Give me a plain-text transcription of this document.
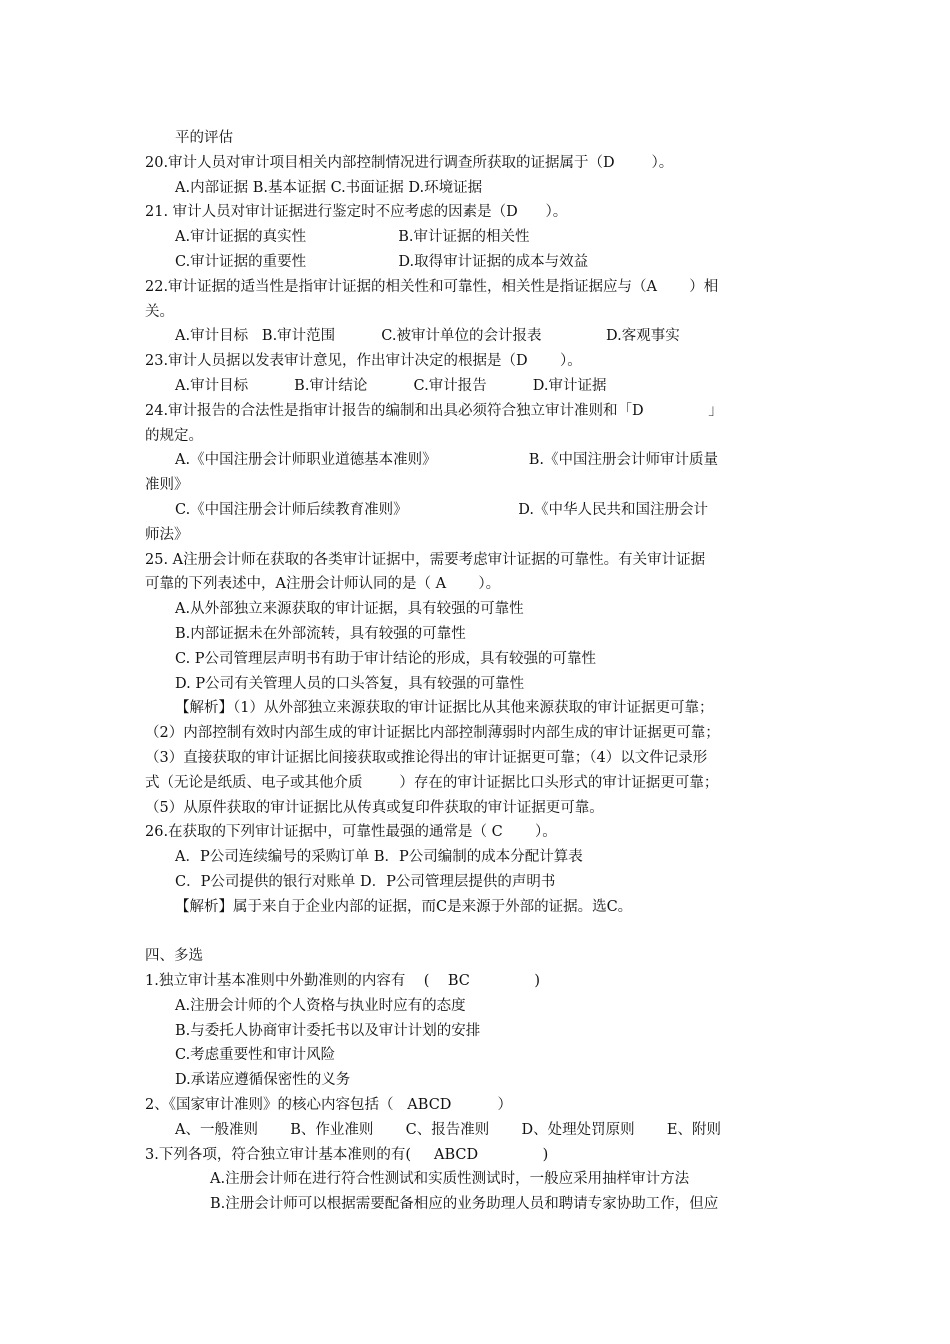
平的评估
20.审计人员对审计项目相关内部控制情况进行调查所获取的证据属于（D        ）。
A.内部证据 B.基本证据 C.书面证据 D.环境证据
21. 审计人员对审计证据进行鉴定时不应考虑的因素是（D      ）。
A.审计证据的真实性                    B.审计证据的相关性
C.审计证据的重要性                    D.取得审计证据的成本与效益
22.审计证据的适当性是指审计证据的相关性和可靠性，相关性是指证据应与（A       ）相
关。
A.审计目标   B.审计范围          C.被审计单位的会计报表              D.客观事实
23.审计人员据以发表审计意见，作出审计决定的根据是（D       ）。
A.审计目标          B.审计结论          C.审计报告          D.审计证据
24.审计报告的合法性是指审计报告的编制和出具必须符合独立审计准则和「D              」
的规定。
A.《中国注册会计师职业道德基本准则》                    B.《中国注册会计师审计质量
准则》
C.《中国注册会计师后续教育准则》                        D.《中华人民共和国注册会计
师法》
25. A注册会计师在获取的各类审计证据中，需要考虑审计证据的可靠性。有关审计证据
可靠的下列表述中，A注册会计师认同的是（ A       ）。
A.从外部独立来源获取的审计证据，具有较强的可靠性
B.内部证据未在外部流转，具有较强的可靠性
C. P公司管理层声明书有助于审计结论的形成，具有较强的可靠性
D. P公司有关管理人员的口头答复，具有较强的可靠性
【解析】（1）从外部独立来源获取的审计证据比从其他来源获取的审计证据更可靠；
（2）内部控制有效时内部生成的审计证据比内部控制薄弱时内部生成的审计证据更可靠；
（3）直接获取的审计证据比间接获取或推论得出的审计证据更可靠；（4）以文件记录形
式（无论是纸质、电子或其他介质        ）存在的审计证据比口头形式的审计证据更可靠；
（5）从原件获取的审计证据比从传真或复印件获取的审计证据更可靠。
26.在获取的下列审计证据中，可靠性最强的通常是（ C       ）。
A．P公司连续编号的采购订单 B．P公司编制的成本分配计算表
C．P公司提供的银行对账单 D．P公司管理层提供的声明书
【解析】属于来自于企业内部的证据，而C是来源于外部的证据。选C。
四、多选
1.独立审计基本准则中外勤准则的内容有    (    BC              )
A.注册会计师的个人资格与执业时应有的态度
B.与委托人协商审计委托书以及审计计划的安排
C.考虑重要性和审计风险
D.承诺应遵循保密性的义务
2、《国家审计准则》的核心内容包括（   ABCD          ）
A、一般准则       B、作业准则       C、报告准则       D、处理处罚原则       E、附则
3.下列各项，符合独立审计基本准则的有(     ABCD              )
A.注册会计师在进行符合性测试和实质性测试时，一般应采用抽样审计方法
B.注册会计师可以根据需要配备相应的业务助理人员和聘请专家协助工作，但应
